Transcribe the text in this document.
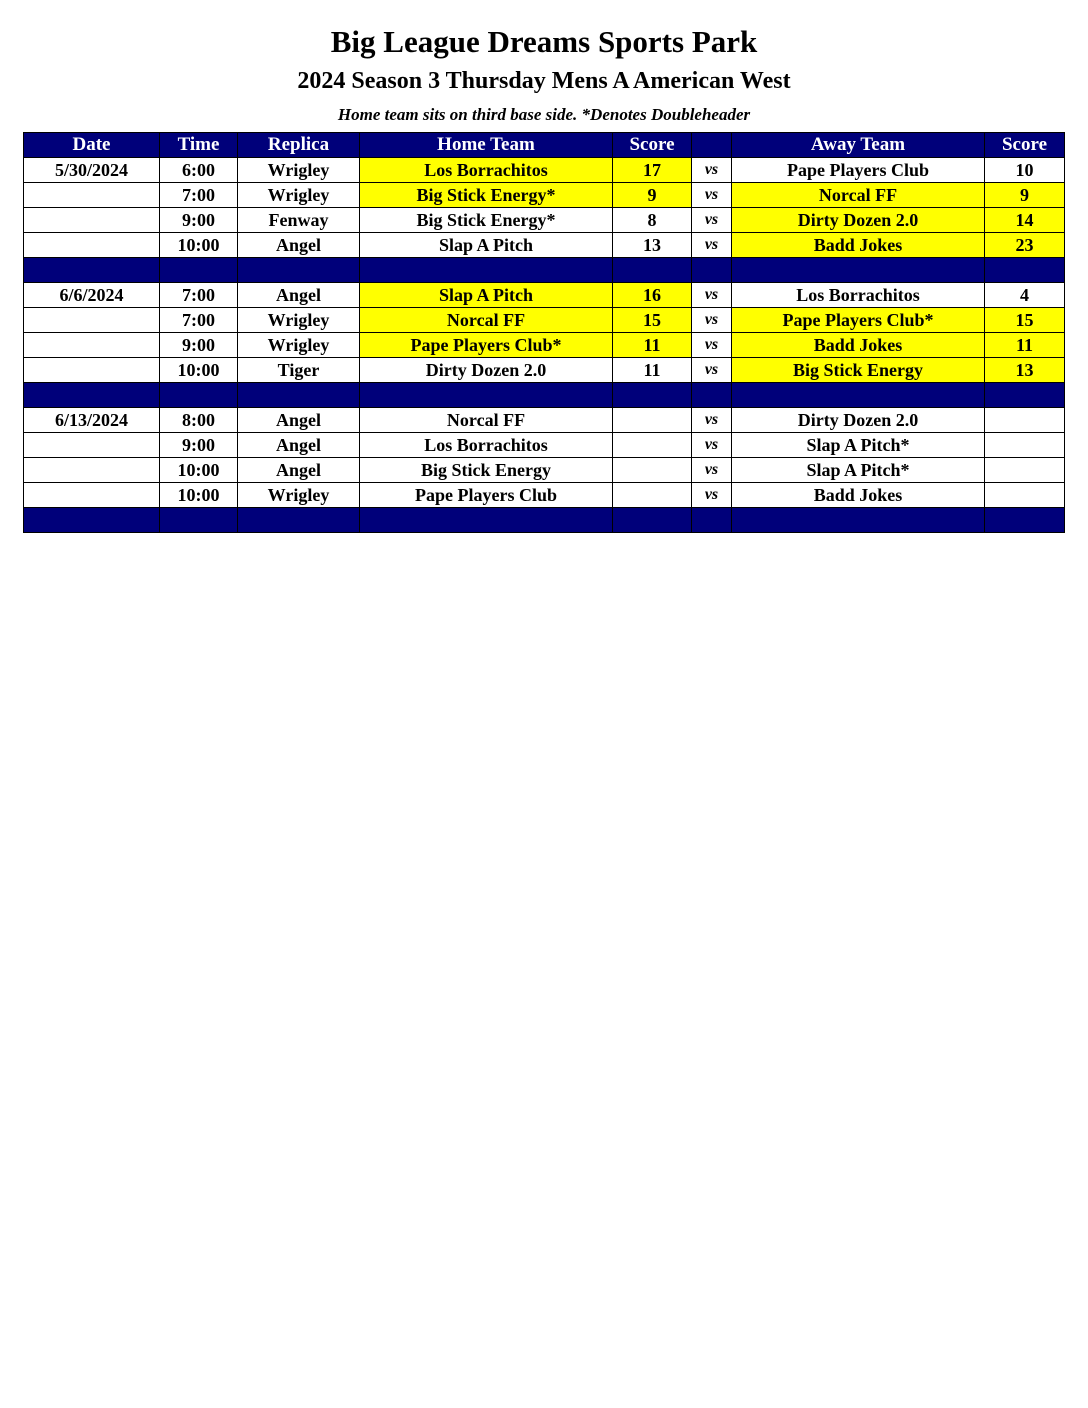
Big League Dreams Sports Park
2024 Season 3 Thursday Mens A American West
Home team sits on third base side. *Denotes Doubleheader
Date	Time	Replica	Home Team	Score		Away Team	Score
5/30/2024	6:00	Wrigley	Los Borrachitos	17	vs	Pape Players Club	10
	7:00	Wrigley	Big Stick Energy*	9	vs	Norcal FF	9
	9:00	Fenway	Big Stick Energy*	8	vs	Dirty Dozen 2.0	14
	10:00	Angel	Slap A Pitch	13	vs	Badd Jokes	23

6/6/2024	7:00	Angel	Slap A Pitch	16	vs	Los Borrachitos	4
	7:00	Wrigley	Norcal FF	15	vs	Pape Players Club*	15
	9:00	Wrigley	Pape Players Club*	11	vs	Badd Jokes	11
	10:00	Tiger	Dirty Dozen 2.0	11	vs	Big Stick Energy	13

6/13/2024	8:00	Angel	Norcal FF		vs	Dirty Dozen 2.0	
	9:00	Angel	Los Borrachitos		vs	Slap A Pitch*	
	10:00	Angel	Big Stick Energy		vs	Slap A Pitch*	
	10:00	Wrigley	Pape Players Club		vs	Badd Jokes	
